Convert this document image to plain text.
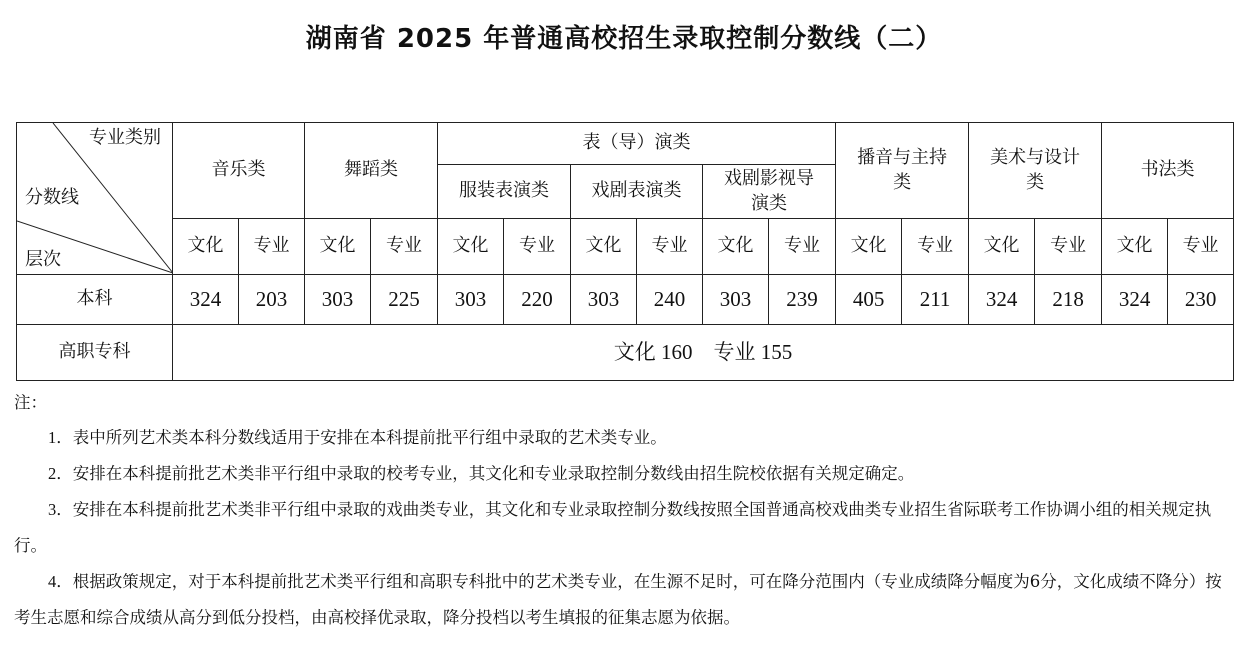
湖南省 2025 年普通高校招生录取控制分数线（二）
专业类别
分数线
层次	音乐类		舞蹈类		表（导）演类						播音与主持类		美术与设计类		书法类	
					服装表演类		戏剧表演类		戏剧影视导演类							

	文化	专业	文化	专业	文化	专业	文化	专业	文化	专业	文化	专业	文化	专业	文化	专业
本科	324	203	303	225	303	220	303	240	303	239	405	211	324	218	324	230
高职专科	文化 160　专业 155															
注：
1．表中所列艺术类本科分数线适用于安排在本科提前批平行组中录取的艺术类专业。
2．安排在本科提前批艺术类非平行组中录取的校考专业，其文化和专业录取控制分数线由招生院校依据有关规定确定。
3．安排在本科提前批艺术类非平行组中录取的戏曲类专业，其文化和专业录取控制分数线按照全国普通高校戏曲类专业招生省际联考工作协调小组的相关规定执行。
4．根据政策规定，对于本科提前批艺术类平行组和高职专科批中的艺术类专业，在生源不足时，可在降分范围内（专业成绩降分幅度为6分，文化成绩不降分）按考生志愿和综合成绩从高分到低分投档，由高校择优录取，降分投档以考生填报的征集志愿为依据。
